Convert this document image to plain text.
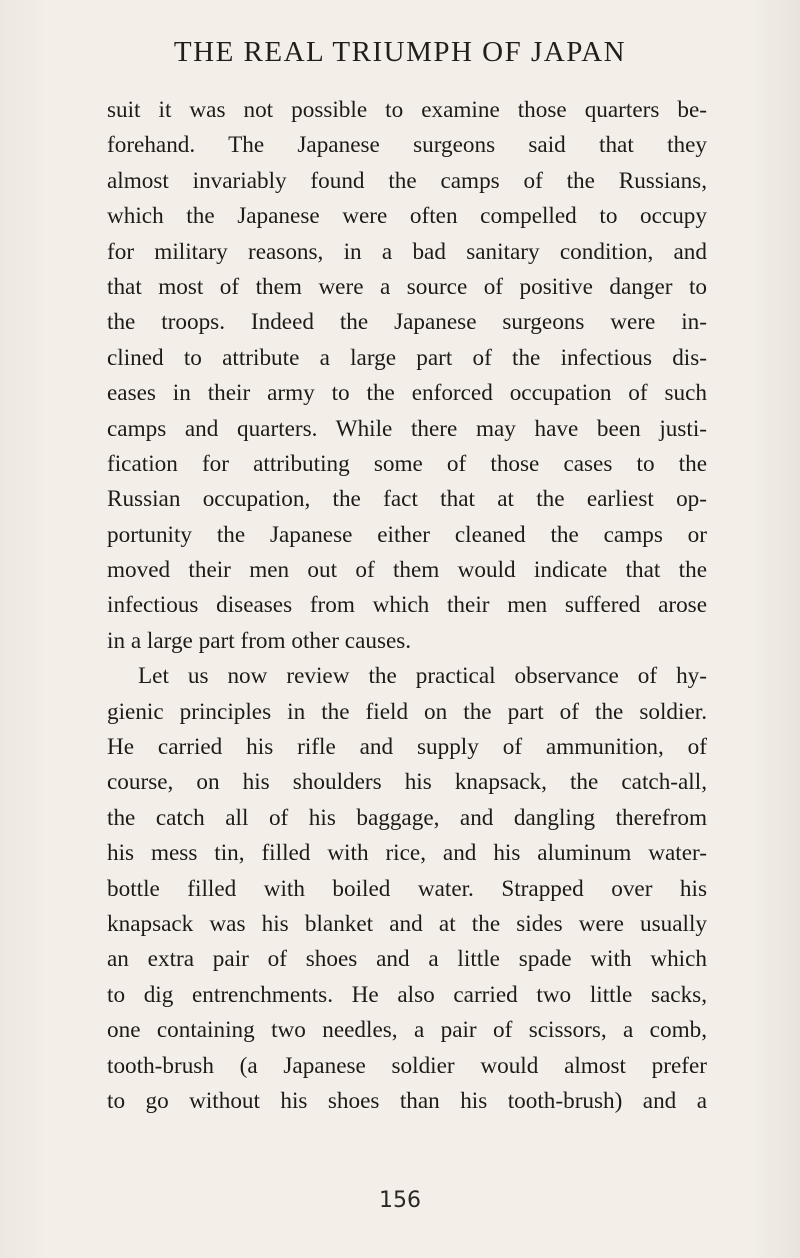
THE REAL TRIUMPH OF JAPAN
suit it was not possible to examine those quarters be-
forehand. The Japanese surgeons said that they
almost invariably found the camps of the Russians,
which the Japanese were often compelled to occupy
for military reasons, in a bad sanitary condition, and
that most of them were a source of positive danger to
the troops. Indeed the Japanese surgeons were in-
clined to attribute a large part of the infectious dis-
eases in their army to the enforced occupation of such
camps and quarters. While there may have been justi-
fication for attributing some of those cases to the
Russian occupation, the fact that at the earliest op-
portunity the Japanese either cleaned the camps or
moved their men out of them would indicate that the
infectious diseases from which their men suffered arose
in a large part from other causes.
Let us now review the practical observance of hy-
gienic principles in the field on the part of the soldier.
He carried his rifle and supply of ammunition, of
course, on his shoulders his knapsack, the catch-all,
the catch all of his baggage, and dangling therefrom
his mess tin, filled with rice, and his aluminum water-
bottle filled with boiled water. Strapped over his
knapsack was his blanket and at the sides were usually
an extra pair of shoes and a little spade with which
to dig entrenchments. He also carried two little sacks,
one containing two needles, a pair of scissors, a comb,
tooth-brush (a Japanese soldier would almost prefer
to go without his shoes than his tooth-brush) and a
156
